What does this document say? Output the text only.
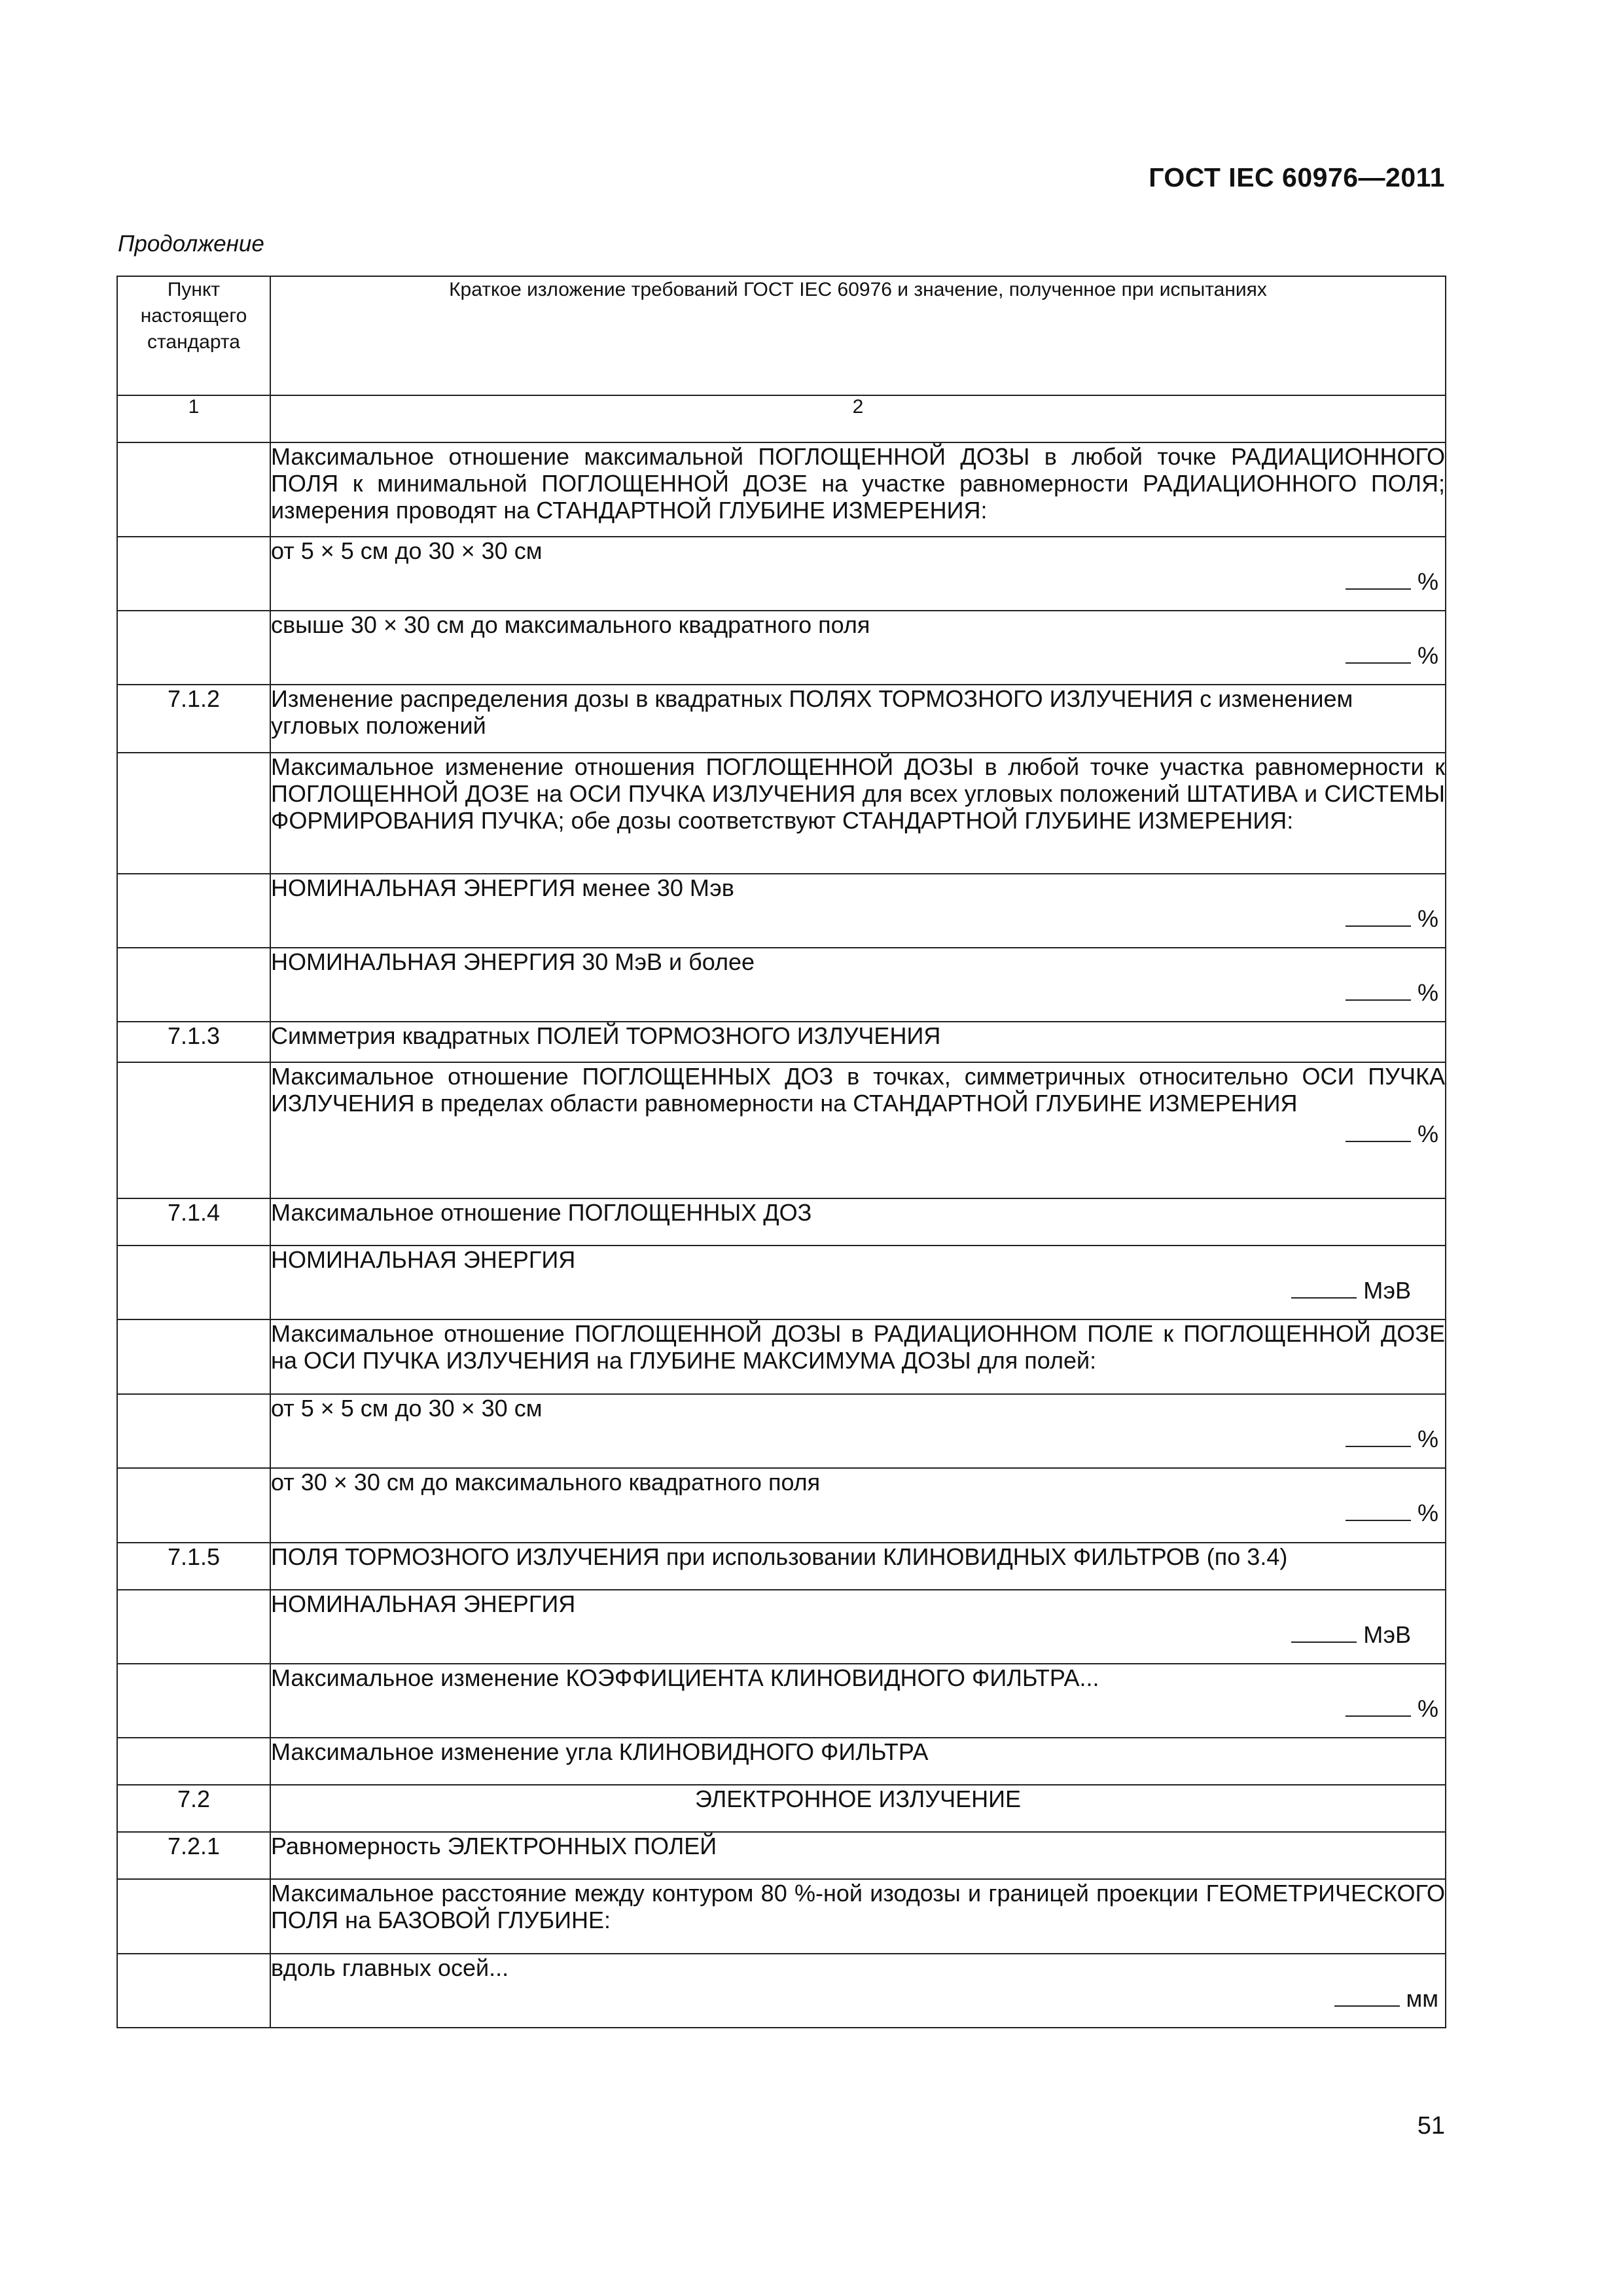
ГОСТ IEC 60976—2011
Продолжение
Пункт настоящего стандарта	Краткое изложение требований ГОСТ IEC 60976 и значение, полученное при испытаниях
1	2

	Максимальное отношение максимальной ПОГЛОЩЕННОЙ ДОЗЫ в любой точке РАДИАЦИОННОГО ПОЛЯ к минимальной ПОГЛОЩЕННОЙ ДОЗЕ на участке равномерности РАДИАЦИОННОГО ПОЛЯ; измерения проводят на СТАНДАРТНОЙ ГЛУБИНЕ ИЗМЕРЕНИЯ:

	от 5 × 5 см до 30 × 30 см
%

	свыше 30 × 30 см до максимального квадратного поля
%

7.1.2	Изменение распределения дозы в квадратных ПОЛЯХ ТОРМОЗНОГО ИЗЛУЧЕНИЯ с изменением угловых положений

	Максимальное изменение отношения ПОГЛОЩЕННОЙ ДОЗЫ в любой точке участка равномерности к ПОГЛОЩЕННОЙ ДОЗЕ на ОСИ ПУЧКА ИЗЛУЧЕНИЯ для всех угловых положений ШТАТИВА и СИСТЕМЫ ФОРМИРОВАНИЯ ПУЧКА; обе дозы соответствуют СТАНДАРТНОЙ ГЛУБИНЕ ИЗМЕРЕНИЯ:

	НОМИНАЛЬНАЯ ЭНЕРГИЯ менее 30 Мэв
%

	НОМИНАЛЬНАЯ ЭНЕРГИЯ 30 МэВ и более
%

7.1.3	Симметрия квадратных ПОЛЕЙ ТОРМОЗНОГО ИЗЛУЧЕНИЯ

	Максимальное отношение ПОГЛОЩЕННЫХ ДОЗ в точках, симметричных относительно ОСИ ПУЧКА ИЗЛУЧЕНИЯ в пределах области равномерности на СТАНДАРТНОЙ ГЛУБИНЕ ИЗМЕРЕНИЯ
%

7.1.4	Максимальное отношение ПОГЛОЩЕННЫХ ДОЗ

	НОМИНАЛЬНАЯ ЭНЕРГИЯ
МэВ

	Максимальное отношение ПОГЛОЩЕННОЙ ДОЗЫ в РАДИАЦИОННОМ ПОЛЕ к ПОГЛОЩЕННОЙ ДОЗЕ на ОСИ ПУЧКА ИЗЛУЧЕНИЯ на ГЛУБИНЕ МАКСИМУМА ДОЗЫ для полей:

	от 5 × 5 см до 30 × 30 см
%

	от 30 × 30 см до максимального квадратного поля
%

7.1.5	ПОЛЯ ТОРМОЗНОГО ИЗЛУЧЕНИЯ при использовании КЛИНОВИДНЫХ ФИЛЬТРОВ (по 3.4)

	НОМИНАЛЬНАЯ ЭНЕРГИЯ
МэВ

	Максимальное изменение КОЭФФИЦИЕНТА КЛИНОВИДНОГО ФИЛЬТРА...
%

	Максимальное изменение угла КЛИНОВИДНОГО ФИЛЬТРА

7.2	ЭЛЕКТРОННОЕ ИЗЛУЧЕНИЕ

7.2.1	Равномерность ЭЛЕКТРОННЫХ ПОЛЕЙ

	Максимальное расстояние между контуром 80 %-ной изодозы и границей проекции ГЕОМЕТРИЧЕСКОГО ПОЛЯ на БАЗОВОЙ ГЛУБИНЕ:

	вдоль главных осей...
мм
51
